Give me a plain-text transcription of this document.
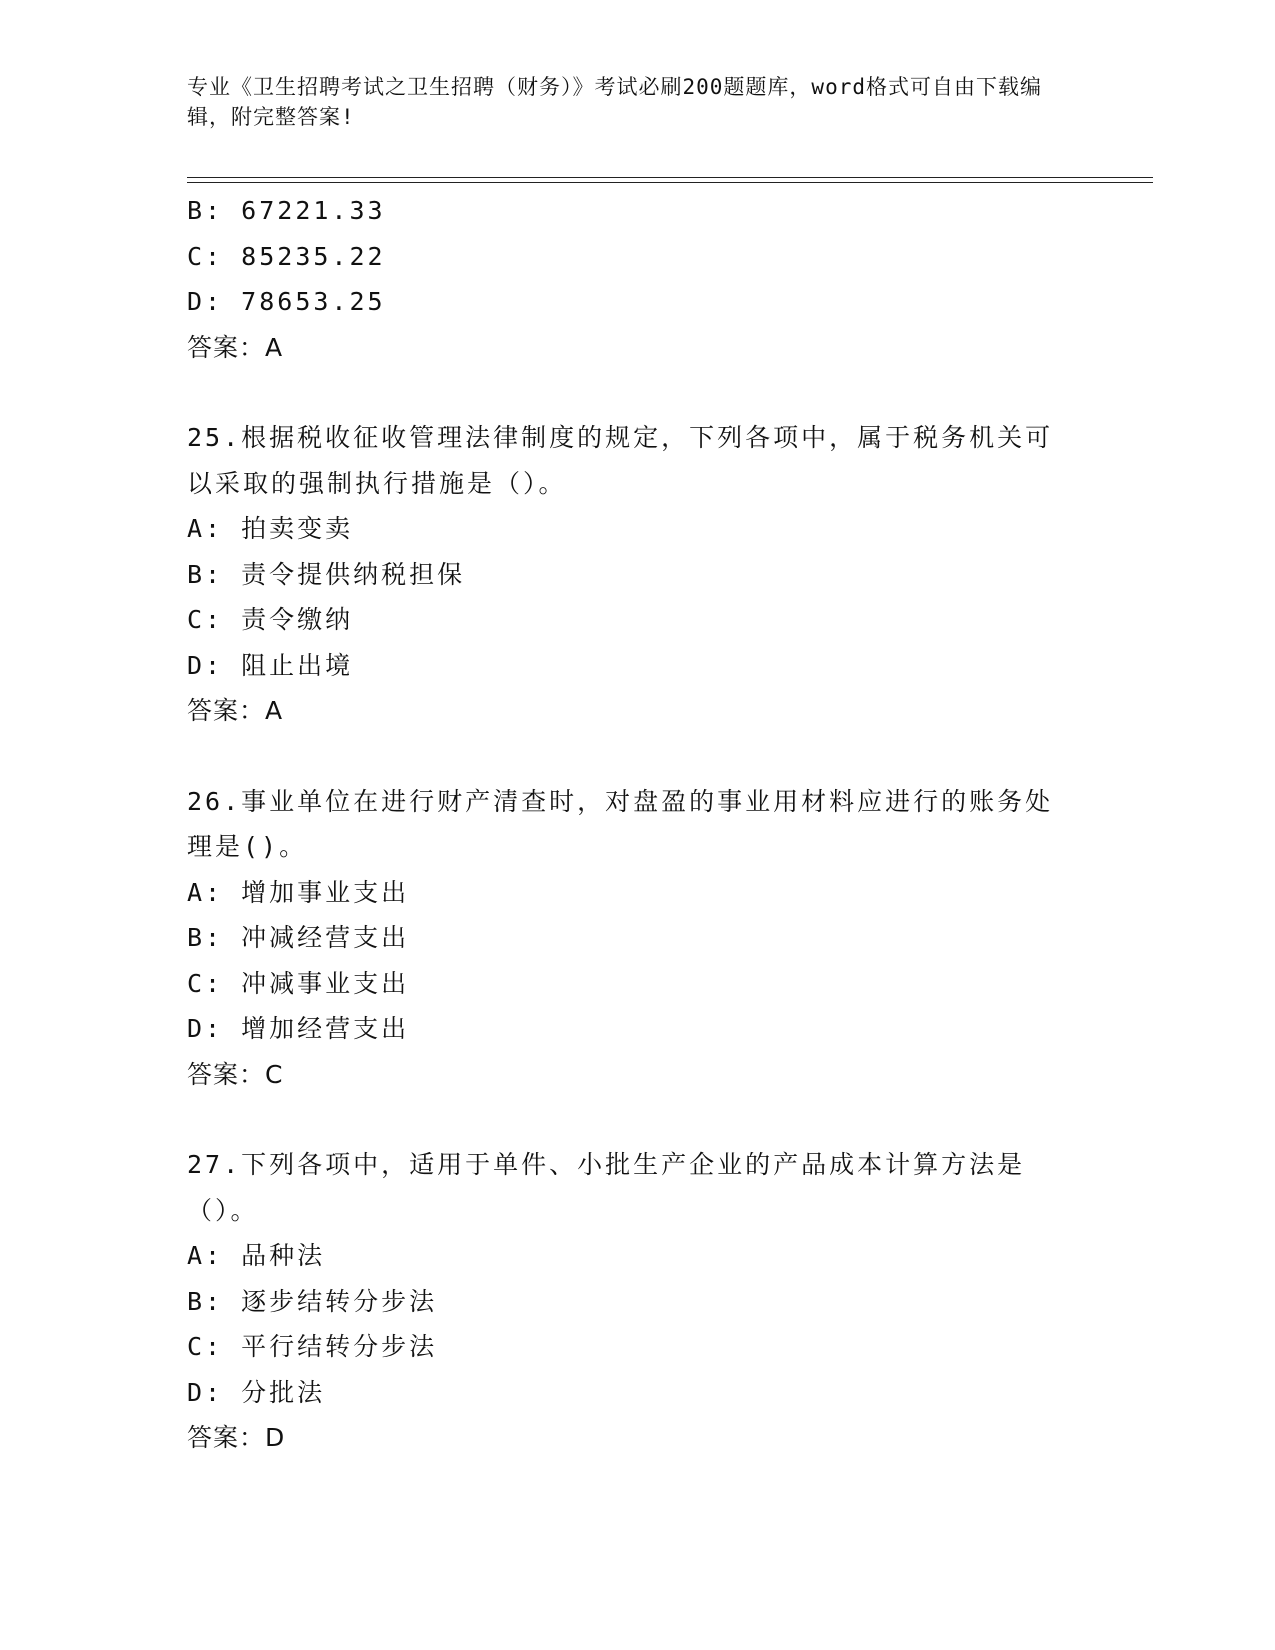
专业《卫生招聘考试之卫生招聘（财务）》考试必刷200题题库，word格式可自由下载编辑，附完整答案!
B: 67221.33
C: 85235.22
D: 78653.25
答案：A
25.根据税收征收管理法律制度的规定，下列各项中，属于税务机关可以采取的强制执行措施是（）。
A: 拍卖变卖
B: 责令提供纳税担保
C: 责令缴纳
D: 阻止出境
答案：A
26.事业单位在进行财产清查时，对盘盈的事业用材料应进行的账务处理是()。
A: 增加事业支出
B: 冲减经营支出
C: 冲减事业支出
D: 增加经营支出
答案：C
27.下列各项中，适用于单件、小批生产企业的产品成本计算方法是（）。
A: 品种法
B: 逐步结转分步法
C: 平行结转分步法
D: 分批法
答案：D
